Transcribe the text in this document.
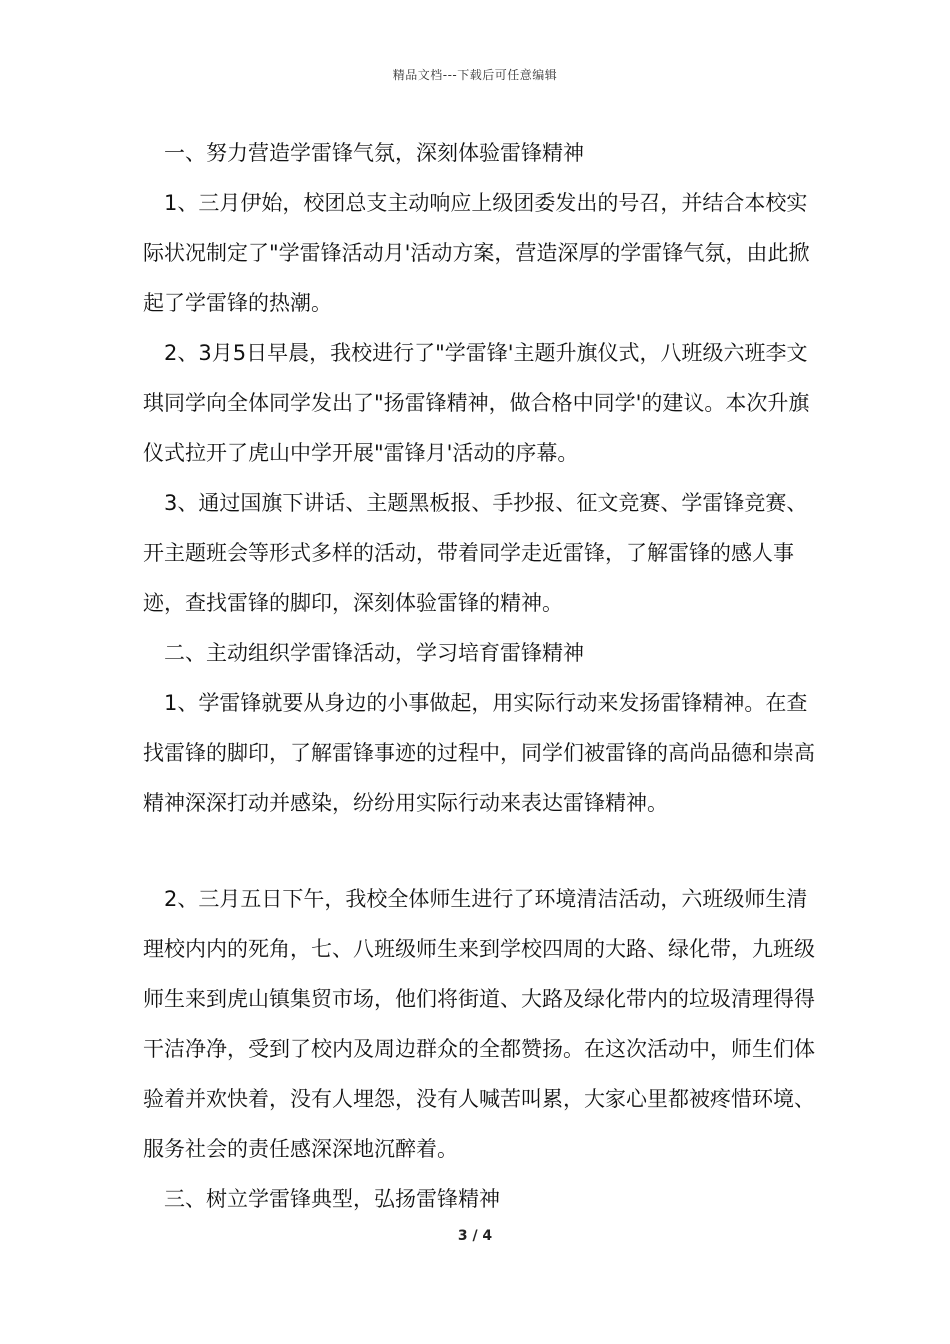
精品文档---下载后可任意编辑

一、努力营造学雷锋气氛，深刻体验雷锋精神

1、三月伊始，校团总支主动响应上级团委发出的号召，并结合本校实际状况制定了"学雷锋活动月'活动方案，营造深厚的学雷锋气氛，由此掀起了学雷锋的热潮。

2、3月5日早晨，我校进行了"学雷锋'主题升旗仪式，八班级六班李文琪同学向全体同学发出了"扬雷锋精神，做合格中同学'的建议。本次升旗仪式拉开了虎山中学开展"雷锋月'活动的序幕。

3、通过国旗下讲话、主题黑板报、手抄报、征文竞赛、学雷锋竞赛、开主题班会等形式多样的活动，带着同学走近雷锋，了解雷锋的感人事迹，查找雷锋的脚印，深刻体验雷锋的精神。

二、主动组织学雷锋活动，学习培育雷锋精神

1、学雷锋就要从身边的小事做起，用实际行动来发扬雷锋精神。在查找雷锋的脚印，了解雷锋事迹的过程中，同学们被雷锋的高尚品德和崇高精神深深打动并感染，纷纷用实际行动来表达雷锋精神。

2、三月五日下午，我校全体师生进行了环境清洁活动，六班级师生清理校内内的死角，七、八班级师生来到学校四周的大路、绿化带，九班级师生来到虎山镇集贸市场，他们将街道、大路及绿化带内的垃圾清理得得干洁净净，受到了校内及周边群众的全都赞扬。在这次活动中，师生们体验着并欢快着，没有人埋怨，没有人喊苦叫累，大家心里都被疼惜环境、服务社会的责任感深深地沉醉着。

三、树立学雷锋典型，弘扬雷锋精神

3 / 4
